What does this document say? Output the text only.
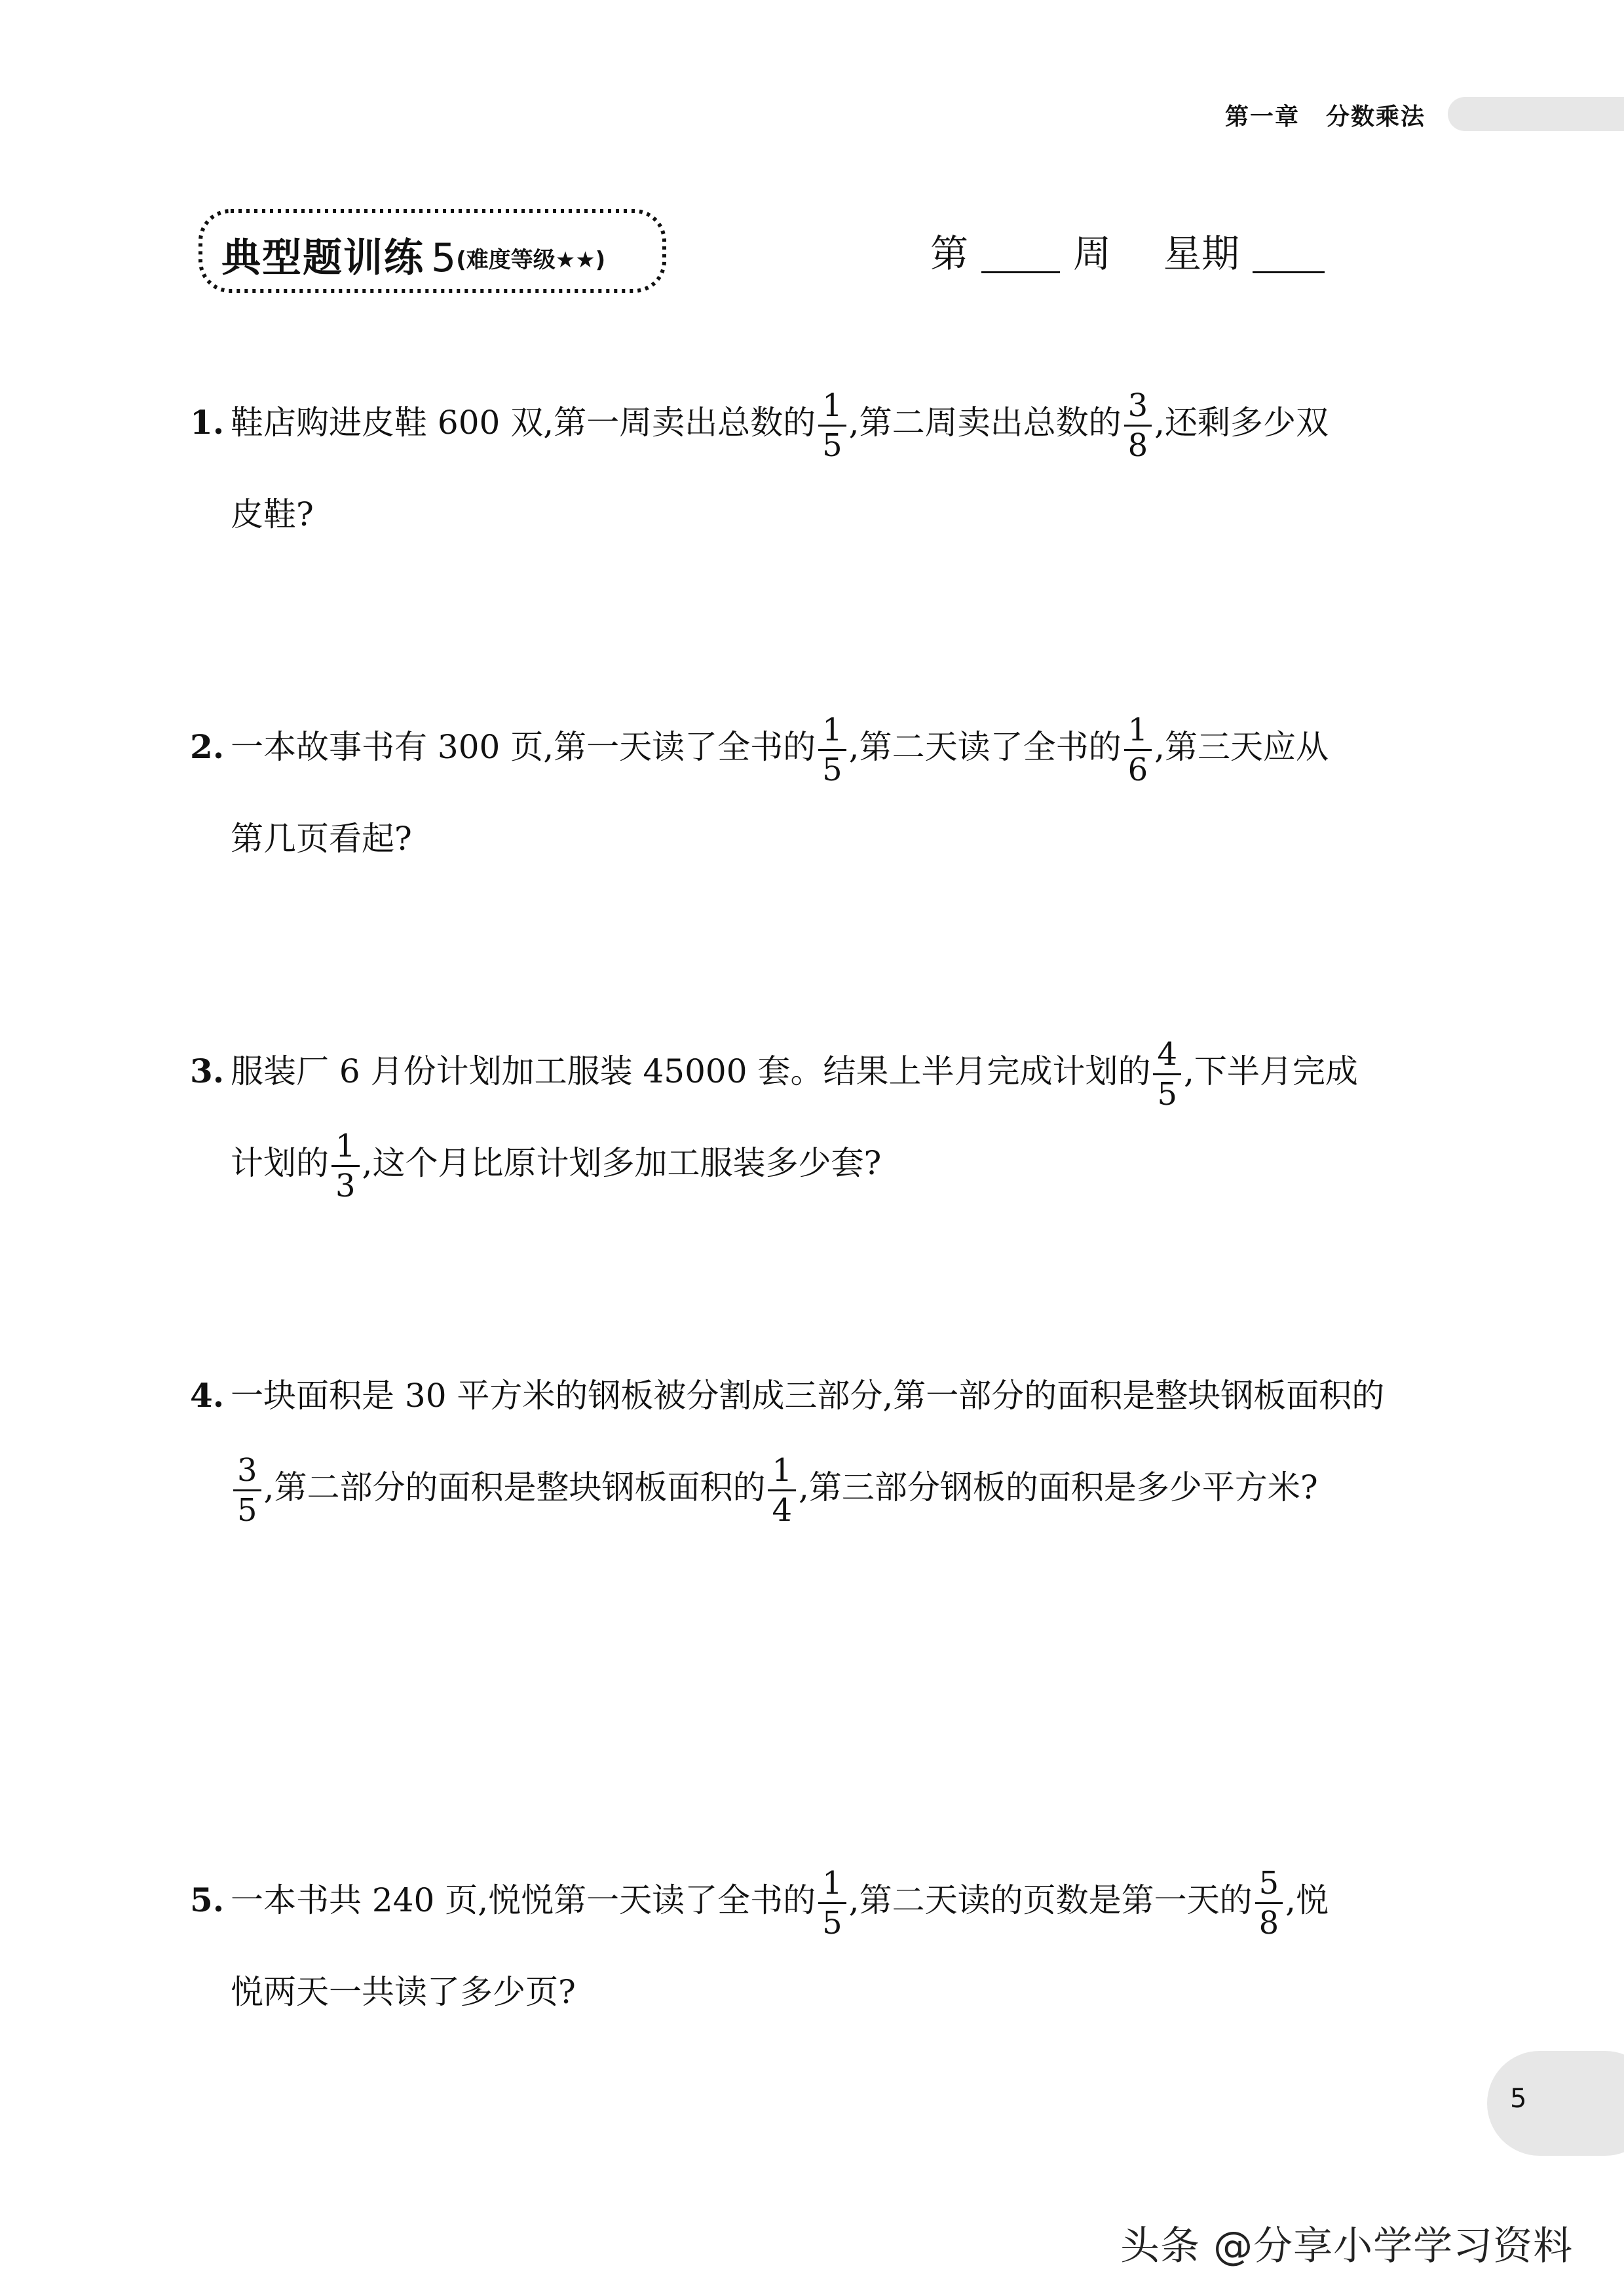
第一章 分数乘法
典型题训练 5(难度等级★★)	第	周 星期
1. 鞋店购进皮鞋 600 双,第一周卖出总数的 $\frac{1}{5}$ ,第二周卖出总数的 $\frac{3}{8}$ ,还剩多少双
皮鞋?
2. 一本故事书有 300 页,第一天读了全书的 $\frac{1}{5}$ ,第二天读了全书的 $\frac{1}{6}$ ,第三天应从
第几页看起?
3. 服装厂 6 月份计划加工服装 45000 套。结果上半月完成计划的 $\frac{4}{5}$ ,下半月完成
计划的 $\frac{1}{3}$ ,这个月比原计划多加工服装多少套?
4. 一块面积是 30 平方米的钢板被分割成三部分,第一部分的面积是整块钢板面积的
$\frac{3}{5}$ ,第二部分的面积是整块钢板面积的 $\frac{1}{4}$ ,第三部分钢板的面积是多少平方米?
5. 一本书共 240 页,悦悦第一天读了全书的 $\frac{1}{5}$ ,第二天读的页数是第一天的 $\frac{5}{8}$ ,悦
悦两天一共读了多少页?
5
头条 @分享小学学习资料
